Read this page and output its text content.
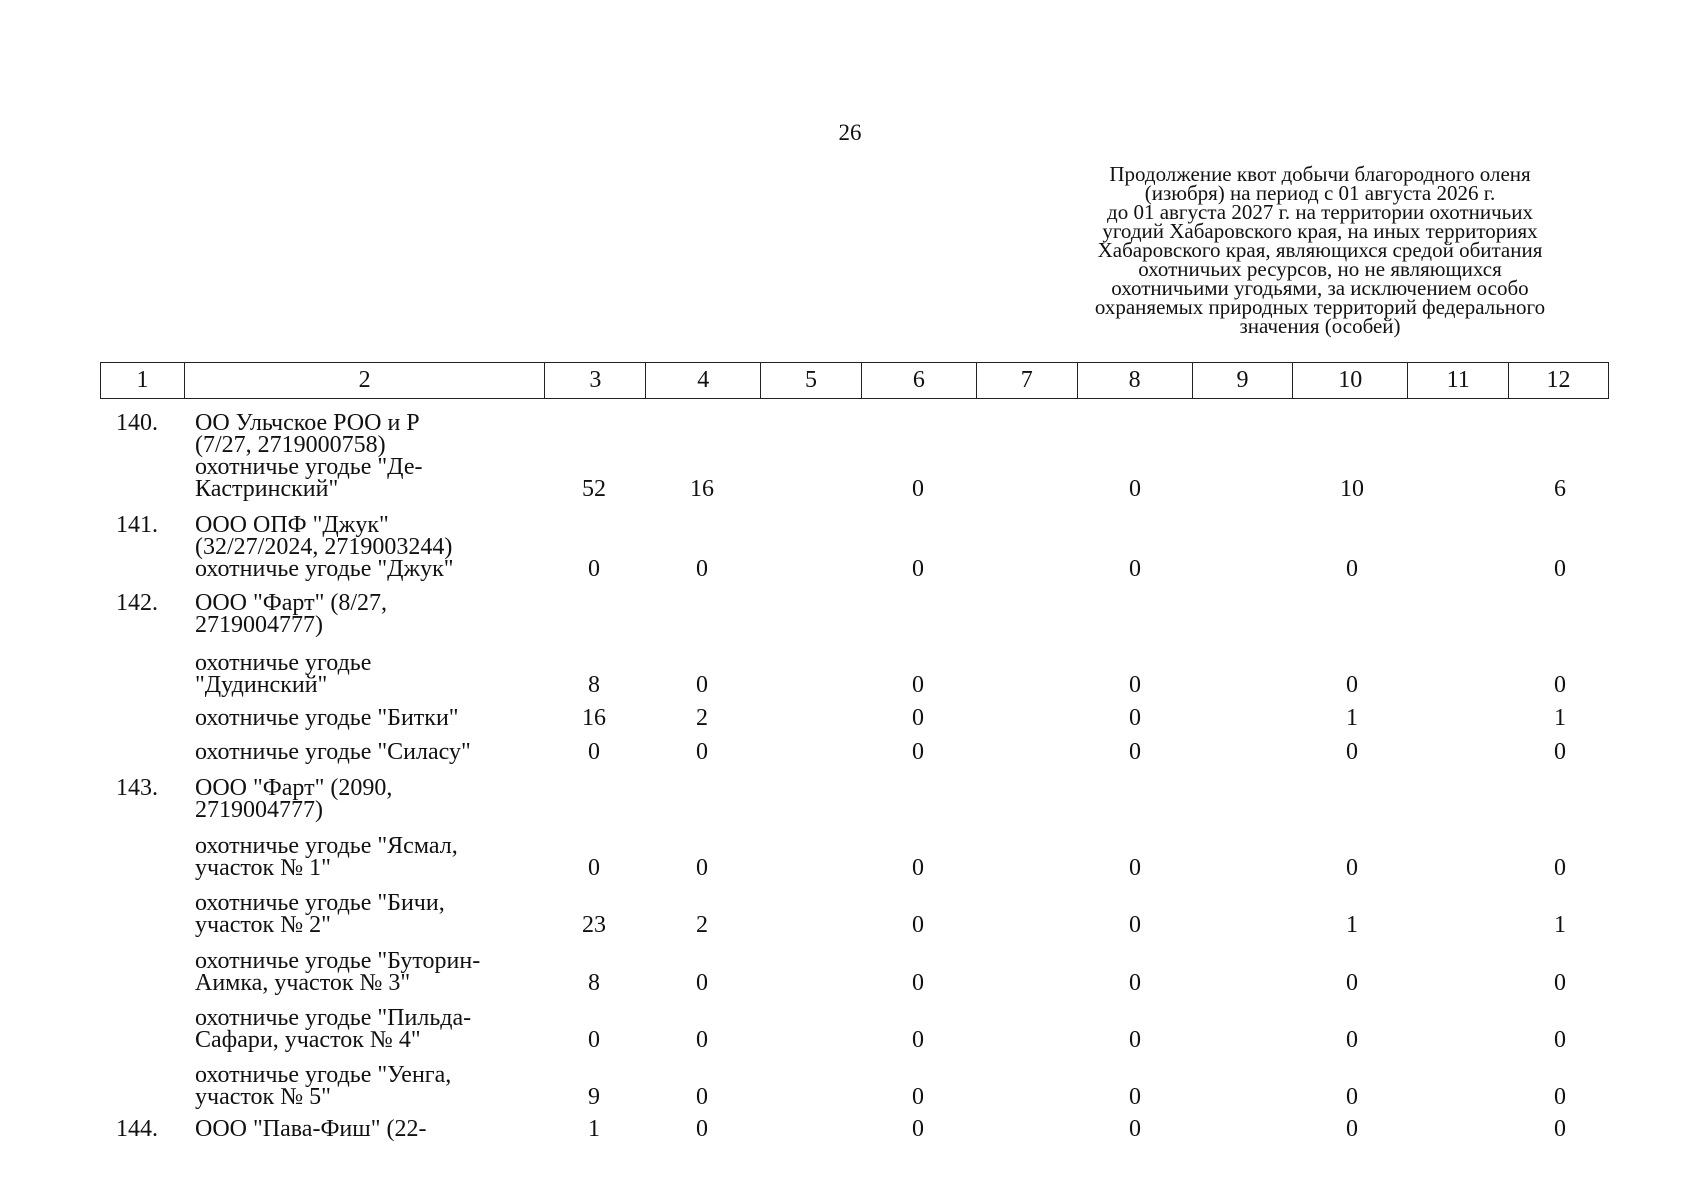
26
Продолжение квот добычи благородного оленя
(изюбря) на период с 01 августа 2026 г.
до 01 августа 2027 г. на территории охотничьих
угодий Хабаровского края, на иных территориях
Хабаровского края, являющихся средой обитания
охотничьих ресурсов, но не являющихся
охотничьими угодьями, за исключением особо
охраняемых природных территорий федерального
значения (особей)
1	2	3	4	5	6	7	8	9	10	11	12
140.	ОО Ульчское РОО и Р
(7/27, 2719000758)
охотничье угодье "Де-
Кастринский"	52	16	0	0	10	6
141.	ООО ОПФ "Джук"
(32/27/2024, 2719003244)
охотничье угодье "Джук"	0	0	0	0	0	0
142.	ООО "Фарт" (8/27,
2719004777)
охотничье угодье
"Дудинский"	8	0	0	0	0	0
охотничье угодье "Битки"	16	2	0	0	1	1
охотничье угодье "Силасу"	0	0	0	0	0	0
143.	ООО "Фарт" (2090,
2719004777)
охотничье угодье "Ясмал,
участок № 1"	0	0	0	0	0	0
охотничье угодье "Бичи,
участок № 2"	23	2	0	0	1	1
охотничье угодье "Буторин-
Аимка, участок № 3"	8	0	0	0	0	0
охотничье угодье "Пильда-
Сафари, участок № 4"	0	0	0	0	0	0
охотничье угодье "Уенга,
участок № 5"	9	0	0	0	0	0
144.	ООО "Пава-Фиш" (22-	1	0	0	0	0	0
